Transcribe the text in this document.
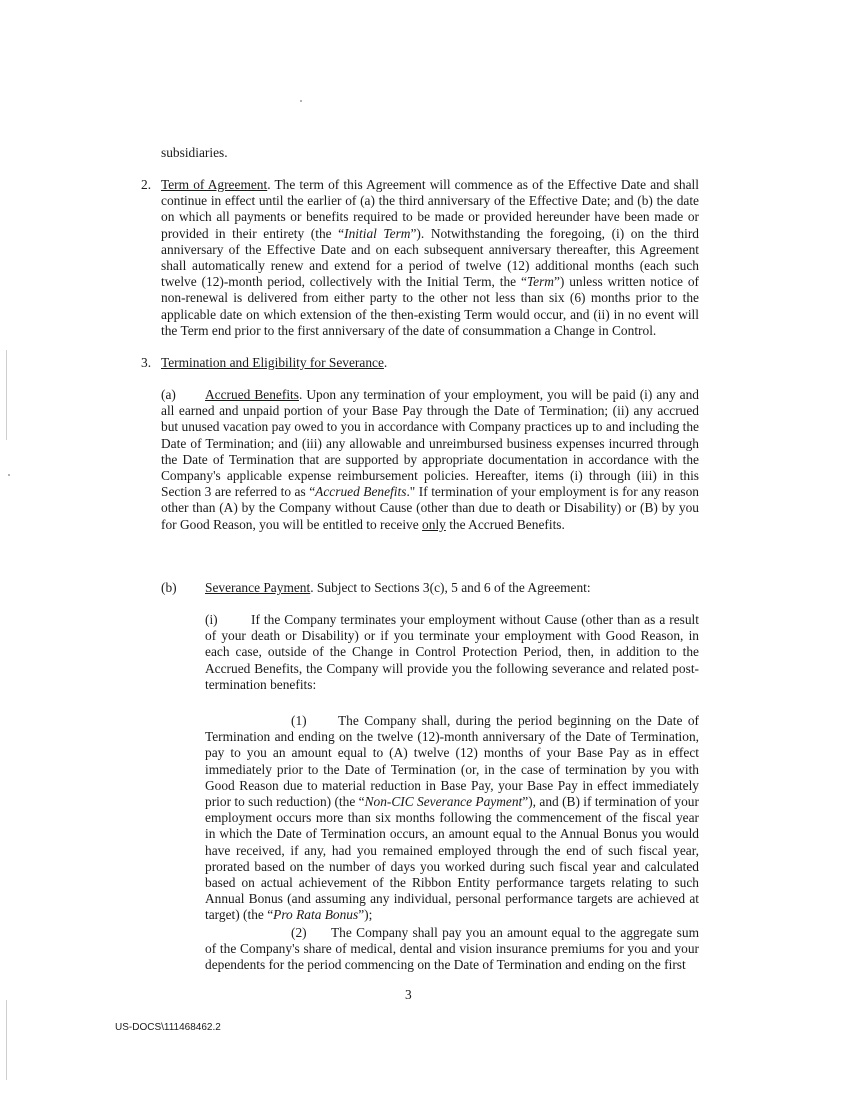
subsidiaries.

2. Term of Agreement. The term of this Agreement will commence as of the Effective Date and shall continue in effect until the earlier of (a) the third anniversary of the Effective Date; and (b) the date on which all payments or benefits required to be made or provided hereunder have been made or provided in their entirety (the “Initial Term”). Notwithstanding the foregoing, (i) on the third anniversary of the Effective Date and on each subsequent anniversary thereafter, this Agreement shall automatically renew and extend for a period of twelve (12) additional months (each such twelve (12)-month period, collectively with the Initial Term, the “Term”) unless written notice of non-renewal is delivered from either party to the other not less than six (6) months prior to the applicable date on which extension of the then-existing Term would occur, and (ii) in no event will the Term end prior to the first anniversary of the date of consummation a Change in Control.

3. Termination and Eligibility for Severance.

(a) Accrued Benefits. Upon any termination of your employment, you will be paid (i) any and all earned and unpaid portion of your Base Pay through the Date of Termination; (ii) any accrued but unused vacation pay owed to you in accordance with Company practices up to and including the Date of Termination; and (iii) any allowable and unreimbursed business expenses incurred through the Date of Termination that are supported by appropriate documentation in accordance with the Company's applicable expense reimbursement policies. Hereafter, items (i) through (iii) in this Section 3 are referred to as “Accrued Benefits." If termination of your employment is for any reason other than (A) by the Company without Cause (other than due to death or Disability) or (B) by you for Good Reason, you will be entitled to receive only the Accrued Benefits.

(b) Severance Payment. Subject to Sections 3(c), 5 and 6 of the Agreement:

(i) If the Company terminates your employment without Cause (other than as a result of your death or Disability) or if you terminate your employment with Good Reason, in each case, outside of the Change in Control Protection Period, then, in addition to the Accrued Benefits, the Company will provide you the following severance and related post-termination benefits:

(1) The Company shall, during the period beginning on the Date of Termination and ending on the twelve (12)-month anniversary of the Date of Termination, pay to you an amount equal to (A) twelve (12) months of your Base Pay as in effect immediately prior to the Date of Termination (or, in the case of termination by you with Good Reason due to material reduction in Base Pay, your Base Pay in effect immediately prior to such reduction) (the “Non-CIC Severance Payment”), and (B) if termination of your employment occurs more than six months following the commencement of the fiscal year in which the Date of Termination occurs, an amount equal to the Annual Bonus you would have received, if any, had you remained employed through the end of such fiscal year, prorated based on the number of days you worked during such fiscal year and calculated based on actual achievement of the Ribbon Entity performance targets relating to such Annual Bonus (and assuming any individual, personal performance targets are achieved at target) (the “Pro Rata Bonus”);

(2) The Company shall pay you an amount equal to the aggregate sum of the Company's share of medical, dental and vision insurance premiums for you and your dependents for the period commencing on the Date of Termination and ending on the first

3
US-DOCS\111468462.2
